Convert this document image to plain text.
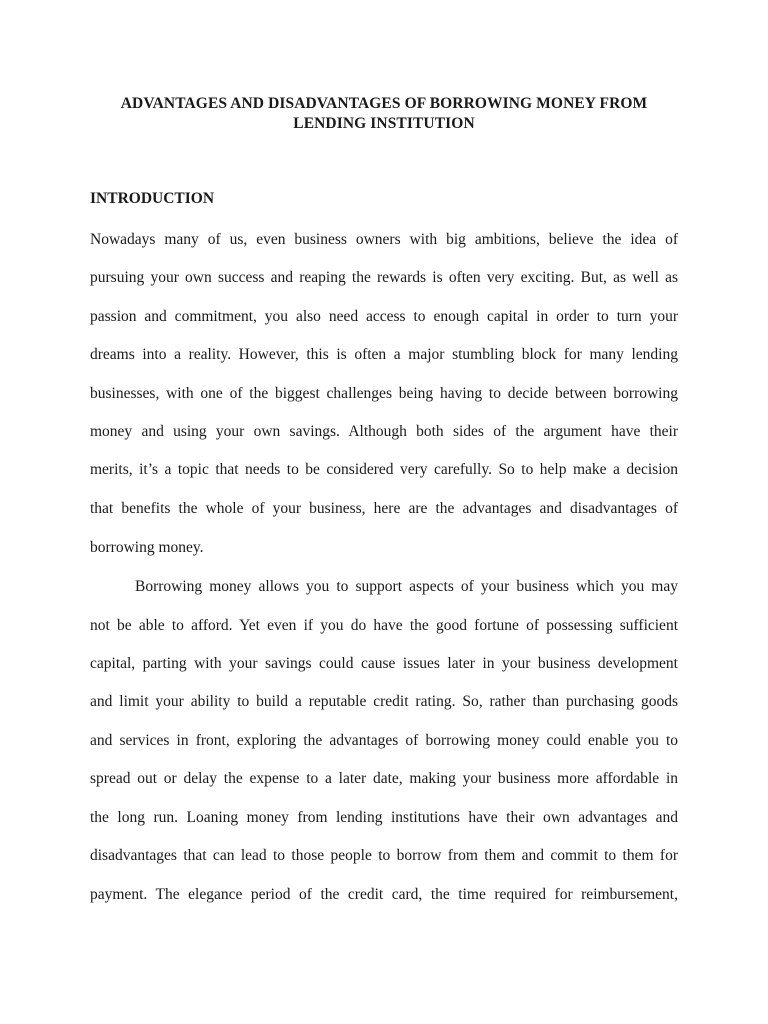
ADVANTAGES AND DISADVANTAGES OF BORROWING MONEY FROM
LENDING INSTITUTION
INTRODUCTION
Nowadays many of us, even business owners with big ambitions, believe the idea of
pursuing your own success and reaping the rewards is often very exciting. But, as well as
passion and commitment, you also need access to enough capital in order to turn your
dreams into a reality. However, this is often a major stumbling block for many lending
businesses, with one of the biggest challenges being having to decide between borrowing
money and using your own savings. Although both sides of the argument have their
merits, it’s a topic that needs to be considered very carefully. So to help make a decision
that benefits the whole of your business, here are the advantages and disadvantages of
borrowing money.
Borrowing money allows you to support aspects of your business which you may
not be able to afford. Yet even if you do have the good fortune of possessing sufficient
capital, parting with your savings could cause issues later in your business development
and limit your ability to build a reputable credit rating. So, rather than purchasing goods
and services in front, exploring the advantages of borrowing money could enable you to
spread out or delay the expense to a later date, making your business more affordable in
the long run. Loaning money from lending institutions have their own advantages and
disadvantages that can lead to those people to borrow from them and commit to them for
payment. The elegance period of the credit card, the time required for reimbursement,
